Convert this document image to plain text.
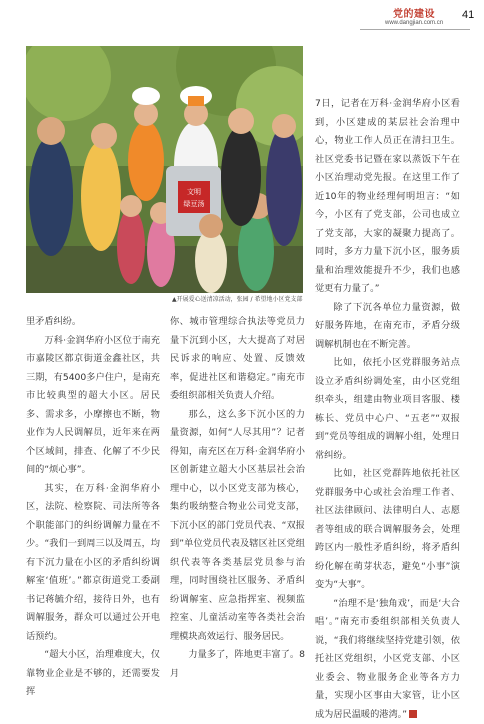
党的建设
www.dangjian.com.cn
41
文明
绿豆汤
▲开展爱心送清凉活动，张园 / 希望地小区党支部

里矛盾纠纷。

万科·金润华府小区位于南充市嘉陵区都京街道金鑫社区，共三期，有5400多户住户，是南充市比较典型的超大小区。居民多、需求多，小摩擦也不断，物业作为人民调解员，近年来在两个区域间，排查、化解了不少民间的“烦心事”。

其实，在万科·金润华府小区，法院、检察院、司法所等各个职能部门的纠纷调解力量在不少。“我们一到周三以及周五，均有下沉力量在小区的矛盾纠纷调解室‘值班’。”都京街道党工委副书记蒋毓介绍，接待日外，也有调解服务，群众可以通过公开电话预约。

“超大小区，治理难度大，仅靠物业企业是不够的，还需要发挥

你、城市管理综合执法等党员力量下沉到小区，大大提高了对居民诉求的响应、处置、反馈效率，促进社区和谐稳定。”南充市委组织部相关负责人介绍。

那么，这么多下沉小区的力量资源，如何“人尽其用”？记者得知，南充区在万科·金润华府小区创新建立超大小区基层社会治理中心，以小区党支部为核心，集约吸纳整合物业公司党支部，下沉小区的部门党员代表、“双报到”单位党员代表及辖区社区党组织代表等各类基层党员参与治理，同时围绕社区服务、矛盾纠纷调解室、应急指挥室、视频监控室、儿童活动室等各类社会治理模块高效运行、服务居民。

力量多了，阵地更丰富了。8月

7日，记者在万科·金润华府小区看到，小区建成的某层社会治理中心，物业工作人员正在清扫卫生。社区党委书记暨在家以蒸饭下午在小区治理动党先报。在这里工作了近10年的物业经理何明坦言：“如今，小区有了党支部，公司也成立了党支部，大家的凝聚力提高了。同时，多方力量下沉小区，服务质量和治理效能提升不少，我们也感觉更有力量了。”

除了下沉各单位力量资源，做好服务阵地，在南充市，矛盾分级调解机制也在不断完善。

比如，依托小区党群服务站点设立矛盾纠纷调处室，由小区党组织牵头，组建由物业项目客服、楼栋长、党员中心户、“五老”“双报到”党员等组成的调解小组，处理日常纠纷。

比如，社区党群阵地依托社区党群服务中心或社会治理工作者、社区法律顾问、法律明白人、志愿者等组成的联合调解服务会，处理跨区内一般性矛盾纠纷，将矛盾纠纷化解在萌芽状态，避免“小事”演变为“大事”。

“治理不是‘独角戏’，而是‘大合唱’。”南充市委组织部相关负责人说，“我们将继续坚持党建引领，依托社区党组织，小区党支部、小区业委会、物业服务企业等各方力量，实现小区事由大家管，让小区成为居民温暖的港湾。”
